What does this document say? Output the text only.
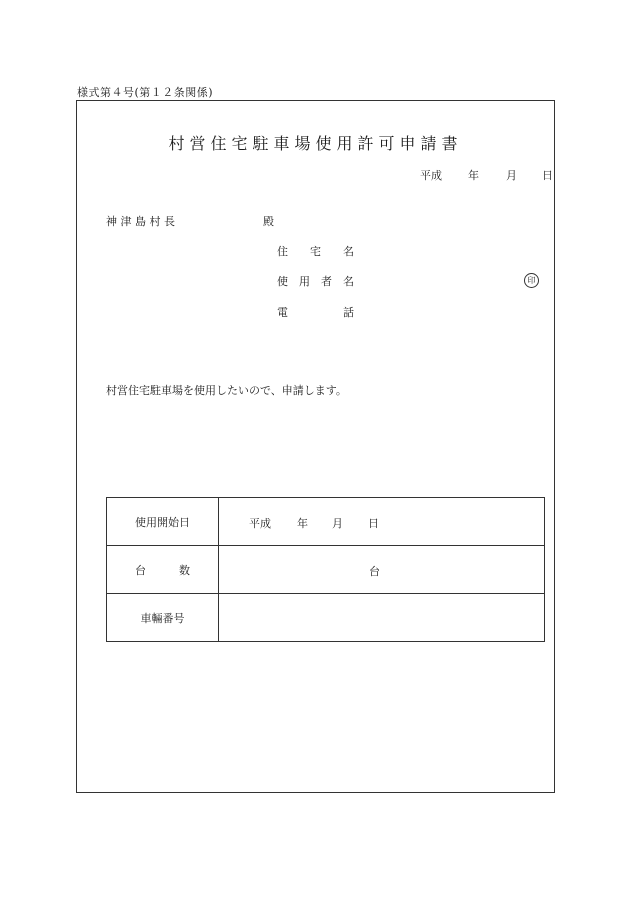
様式第４号(第１２条関係)
村営住宅駐車場使用許可申請書
平成 年 月 日
神 津 島 村 長	殿
住　　宅　　名
使　用　者　名	印
電　　　　　話
村営住宅駐車場を使用したいので、申請します。
使用開始日	平成 年 月 日

台　　　数	台

車輛番号	
